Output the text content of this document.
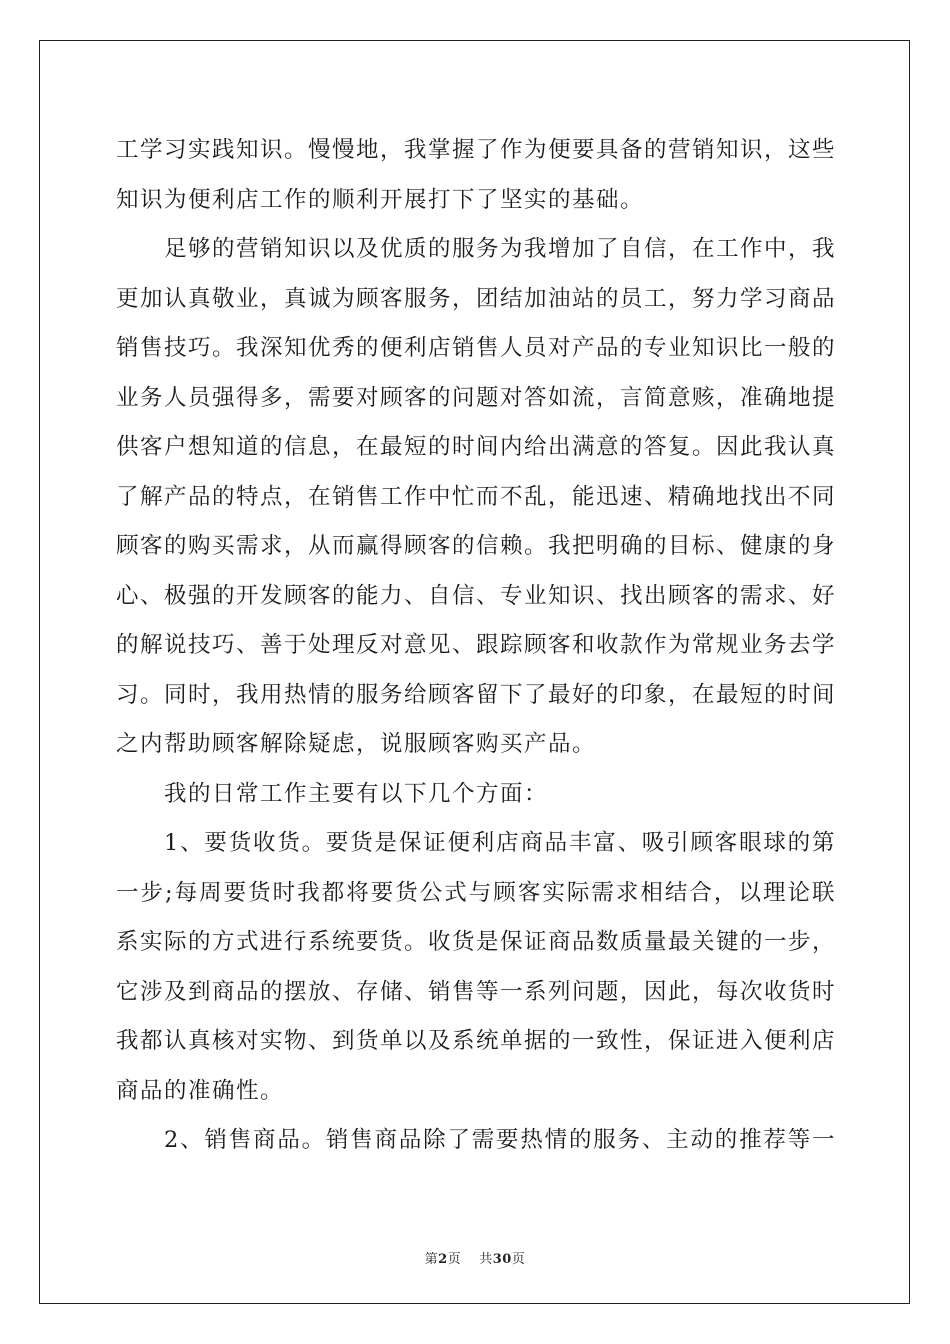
工学习实践知识。慢慢地，我掌握了作为便要具备的营销知识，这些
知识为便利店工作的顺利开展打下了坚实的基础。
足够的营销知识以及优质的服务为我增加了自信，在工作中，我
更加认真敬业，真诚为顾客服务，团结加油站的员工，努力学习商品
销售技巧。我深知优秀的便利店销售人员对产品的专业知识比一般的
业务人员强得多，需要对顾客的问题对答如流，言简意赅，准确地提
供客户想知道的信息，在最短的时间内给出满意的答复。因此我认真
了解产品的特点，在销售工作中忙而不乱，能迅速、精确地找出不同
顾客的购买需求，从而赢得顾客的信赖。我把明确的目标、健康的身
心、极强的开发顾客的能力、自信、专业知识、找出顾客的需求、好
的解说技巧、善于处理反对意见、跟踪顾客和收款作为常规业务去学
习。同时，我用热情的服务给顾客留下了最好的印象，在最短的时间
之内帮助顾客解除疑虑，说服顾客购买产品。
我的日常工作主要有以下几个方面：
1、要货收货。要货是保证便利店商品丰富、吸引顾客眼球的第
一步;每周要货时我都将要货公式与顾客实际需求相结合，以理论联
系实际的方式进行系统要货。收货是保证商品数质量最关键的一步，
它涉及到商品的摆放、存储、销售等一系列问题，因此，每次收货时
我都认真核对实物、到货单以及系统单据的一致性，保证进入便利店
商品的准确性。
2、销售商品。销售商品除了需要热情的服务、主动的推荐等一
第2页 共30页
